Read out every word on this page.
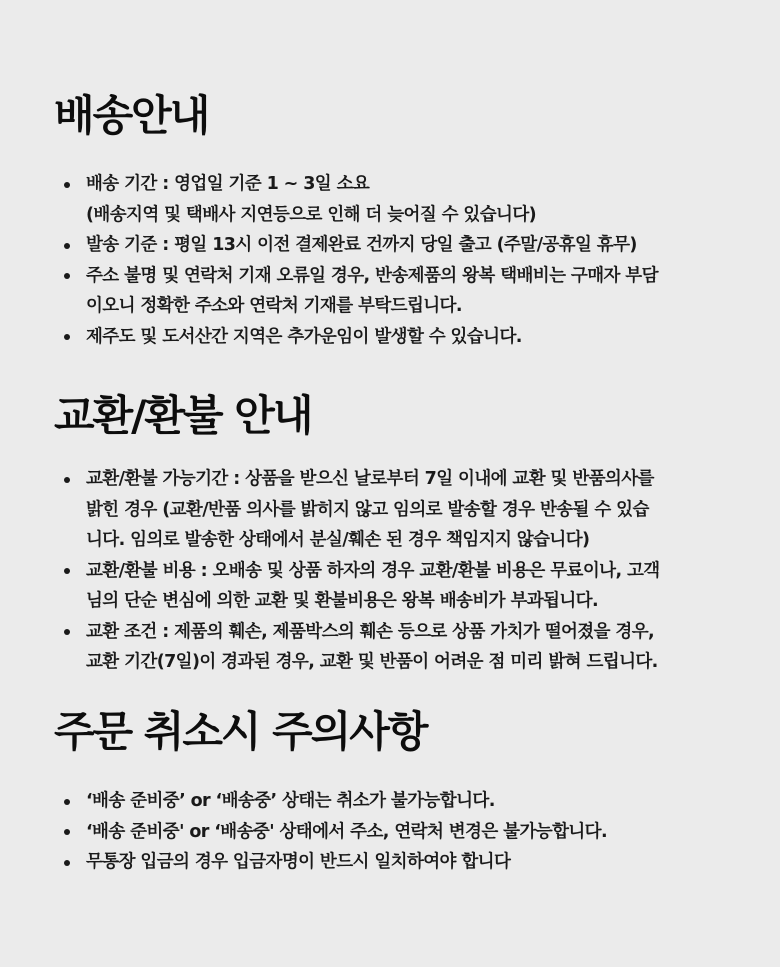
배송안내
배송 기간 : 영업일 기준 1 ~ 3일 소요
(배송지역 및 택배사 지연등으로 인해 더 늦어질 수 있습니다)
발송 기준 : 평일 13시 이전 결제완료 건까지 당일 출고 (주말/공휴일 휴무)
주소 불명 및 연락처 기재 오류일 경우, 반송제품의 왕복 택배비는 구매자 부담
이오니 정확한 주소와 연락처 기재를 부탁드립니다.
제주도 및 도서산간 지역은 추가운임이 발생할 수 있습니다.
교환/환불 안내
교환/환불 가능기간 : 상품을 받으신 날로부터 7일 이내에 교환 및 반품의사를
밝힌 경우 (교환/반품 의사를 밝히지 않고 임의로 발송할 경우 반송될 수 있습
니다. 임의로 발송한 상태에서 분실/훼손 된 경우 책임지지 않습니다)
교환/환불 비용 : 오배송 및 상품 하자의 경우 교환/환불 비용은 무료이나, 고객
님의 단순 변심에 의한 교환 및 환불비용은 왕복 배송비가 부과됩니다.
교환 조건 : 제품의 훼손, 제품박스의 훼손 등으로 상품 가치가 떨어졌을 경우,
교환 기간(7일)이 경과된 경우, 교환 및 반품이 어려운 점 미리 밝혀 드립니다.
주문 취소시 주의사항
‘배송 준비중’ or ‘배송중’ 상태는 취소가 불가능합니다.
‘배송 준비중' or ‘배송중' 상태에서 주소, 연락처 변경은 불가능합니다.
무통장 입금의 경우 입금자명이 반드시 일치하여야 합니다
